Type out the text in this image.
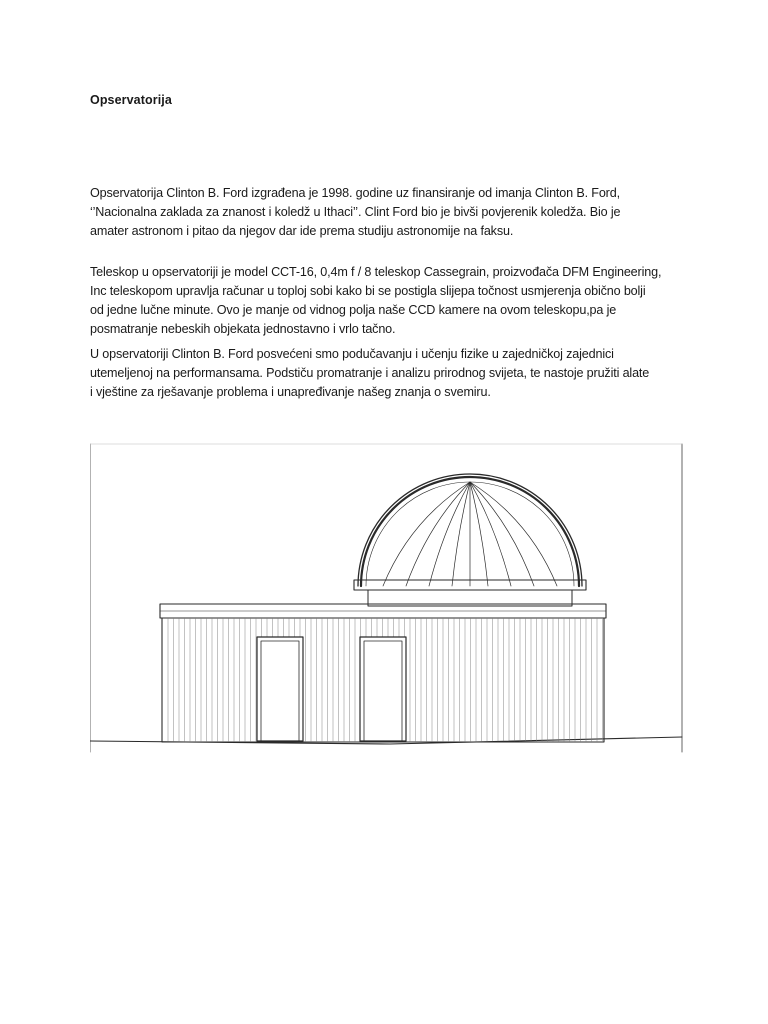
Opservatorija

Opservatorija Clinton B. Ford izgrađena je 1998. godine uz finansiranje od imanja Clinton B. Ford,
‘’Nacionalna zaklada za znanost i koledž u Ithaci’’. Clint Ford bio je bivši povjerenik koledža. Bio je
amater astronom i pitao da njegov dar ide prema studiju astronomije na faksu.

Teleskop u opservatoriji je model CCT-16, 0,4m f / 8 teleskop Cassegrain, proizvođača DFM Engineering,
Inc teleskopom upravlja računar u toploj sobi kako bi se postigla slijepa točnost usmjerenja obično bolji
od jedne lučne minute. Ovo je manje od vidnog polja naše CCD kamere na ovom teleskopu,pa je
posmatranje nebeskih objekata jednostavno i vrlo tačno.

U opservatoriji Clinton B. Ford posvećeni smo podučavanju i učenju fizike u zajedničkoj zajednici
utemeljenoj na performansama. Podstiču promatranje i analizu prirodnog svijeta, te nastoje pružiti alate
i vještine za rješavanje problema i unapređivanje našeg znanja o svemiru.
